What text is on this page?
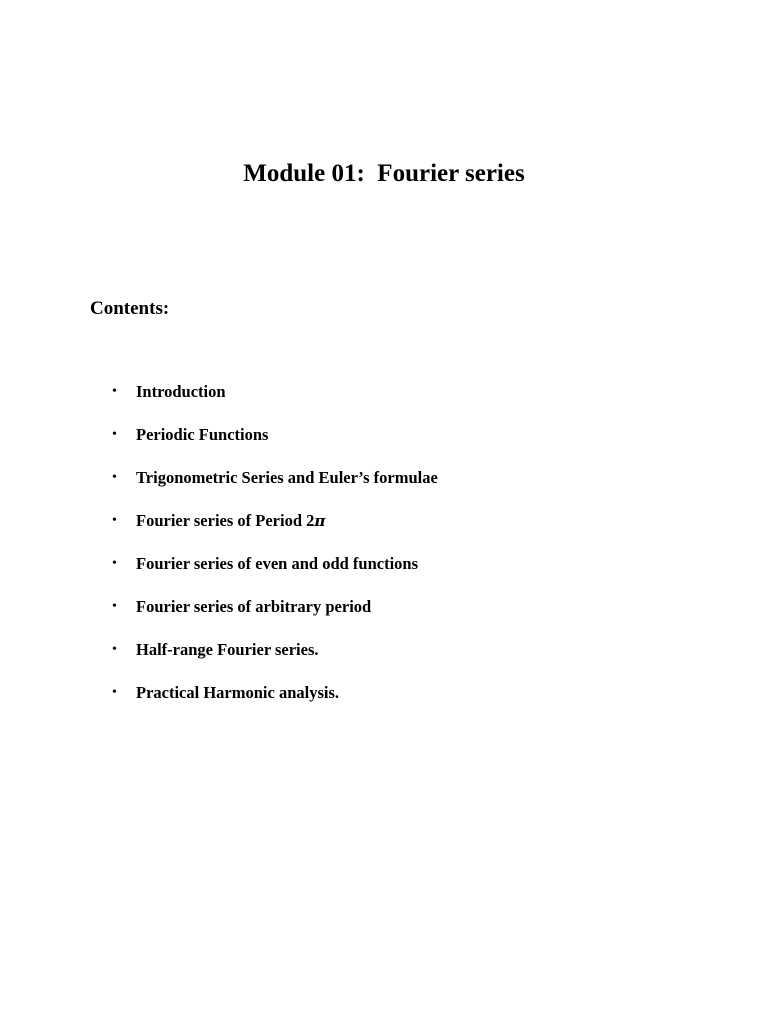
Module 01:  Fourier series
Contents:
• Introduction
• Periodic Functions
• Trigonometric Series and Euler’s formulae
• Fourier series of Period 2π
• Fourier series of even and odd functions
• Fourier series of arbitrary period
• Half-range Fourier series.
• Practical Harmonic analysis.
